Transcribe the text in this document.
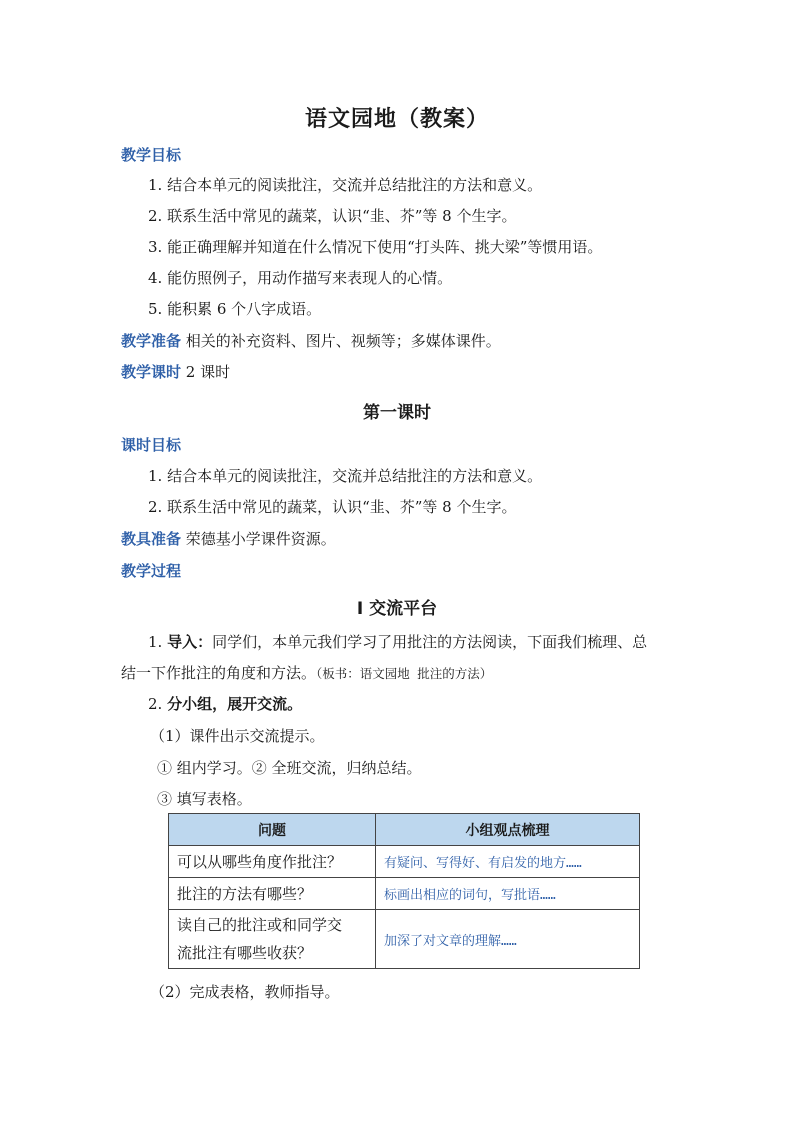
语文园地（教案）
教学目标
1. 结合本单元的阅读批注，交流并总结批注的方法和意义。
2. 联系生活中常见的蔬菜，认识“韭、芥”等 8 个生字。
3. 能正确理解并知道在什么情况下使用“打头阵、挑大梁”等惯用语。
4. 能仿照例子，用动作描写来表现人的心情。
5. 能积累 6 个八字成语。
教学准备 相关的补充资料、图片、视频等；多媒体课件。
教学课时 2 课时
第一课时
课时目标
1. 结合本单元的阅读批注，交流并总结批注的方法和意义。
2. 联系生活中常见的蔬菜，认识“韭、芥”等 8 个生字。
教具准备 荣德基小学课件资源。
教学过程
Ⅰ 交流平台
1. 导入：同学们，本单元我们学习了用批注的方法阅读，下面我们梳理、总
结一下作批注的角度和方法。（板书：语文园地 批注的方法）
2. 分小组，展开交流。
（1）课件出示交流提示。
① 组内学习。② 全班交流，归纳总结。
③ 填写表格。
问题	小组观点梳理
可以从哪些角度作批注？	有疑问、写得好、有启发的地方……
批注的方法有哪些？	标画出相应的词句，写批语……
读自己的批注或和同学交
流批注有哪些收获？	加深了对文章的理解……
（2）完成表格，教师指导。
